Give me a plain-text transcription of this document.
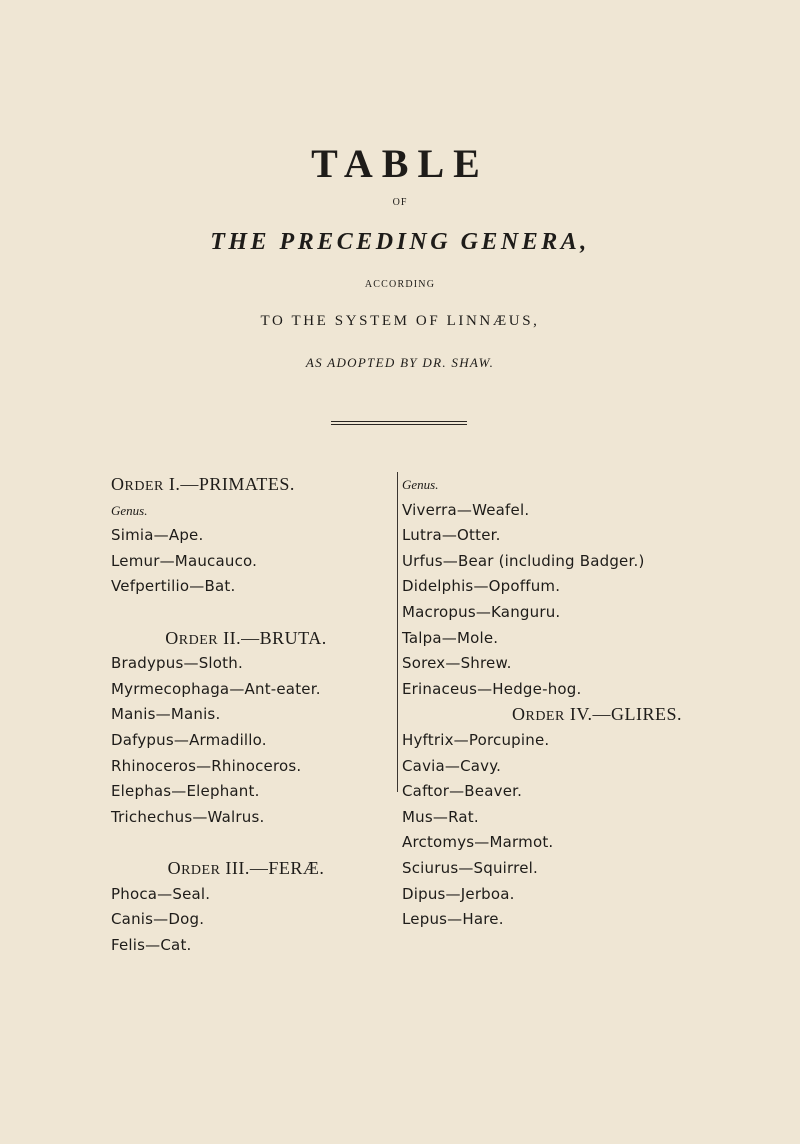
TABLE
OF
THE PRECEDING GENERA,
ACCORDING
TO THE SYSTEM OF LINNÆUS,
AS ADOPTED BY DR. SHAW.
ORDER I.—PRIMATES.
Genus.
Simia—Ape.
Lemur—Maucauco.
Vefpertilio—Bat.
ORDER II.—BRUTA.
Bradypus—Sloth.
Myrmecophaga—Ant-eater.
Manis—Manis.
Dafypus—Armadillo.
Rhinoceros—Rhinoceros.
Elephas—Elephant.
Trichechus—Walrus.
ORDER III.—FERÆ.
Phoca—Seal.
Canis—Dog.
Felis—Cat.
Genus.
Viverra—Weafel.
Lutra—Otter.
Urfus—Bear (including Badger.)
Didelphis—Opoffum.
Macropus—Kanguru.
Talpa—Mole.
Sorex—Shrew.
Erinaceus—Hedge-hog.
ORDER IV.—GLIRES.
Hyftrix—Porcupine.
Cavia—Cavy.
Caftor—Beaver.
Mus—Rat.
Arctomys—Marmot.
Sciurus—Squirrel.
Dipus—Jerboa.
Lepus—Hare.
